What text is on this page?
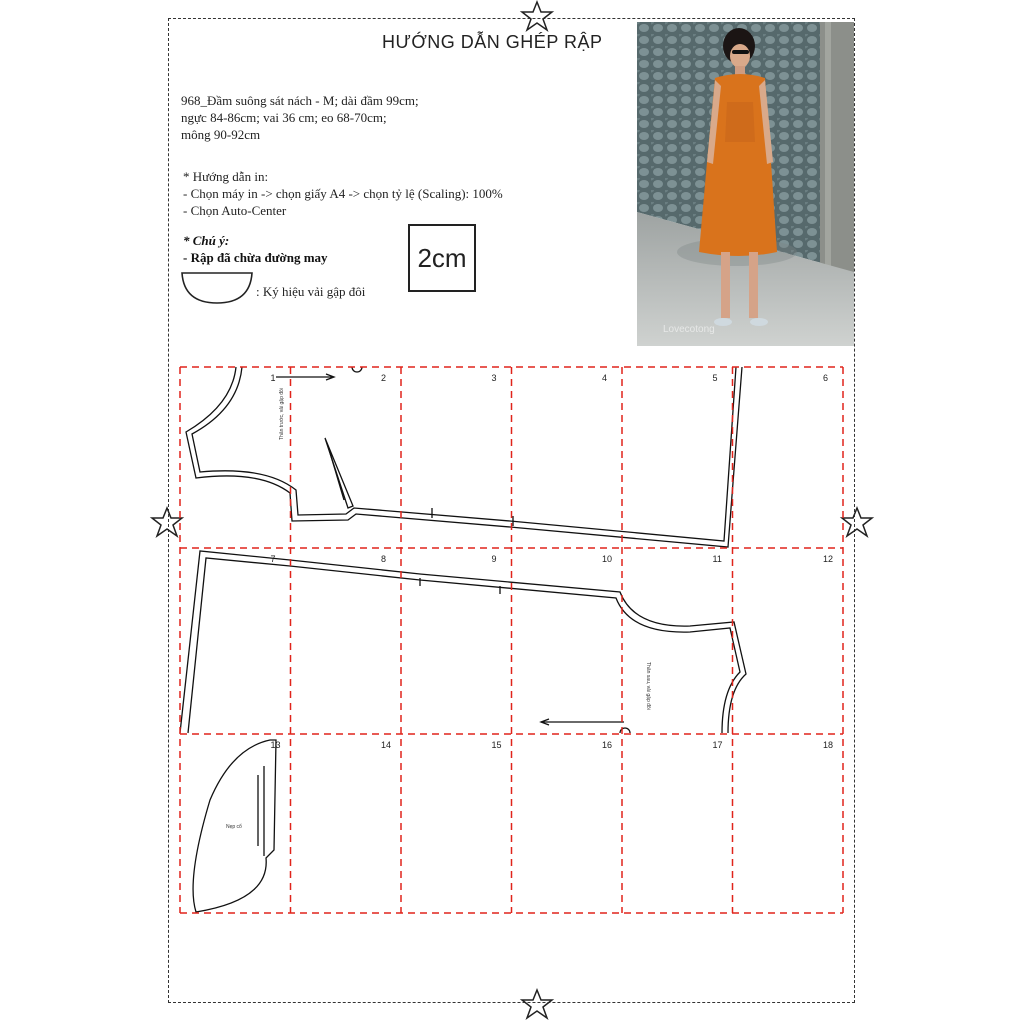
HƯỚNG DẪN GHÉP RẬP
968_Đầm suông sát nách - M; dài đầm 99cm;
ngực 84-86cm; vai 36 cm; eo 68-70cm;
mông 90-92cm
* Hướng dẫn in:
- Chọn máy in -> chọn giấy A4 -> chọn tỷ lệ (Scaling): 100%
- Chọn Auto-Center
* Chú ý:
- Rập đã chừa đường may	2cm
: Ký hiệu vải gập đôi
Lovecotong
Thân trước, vải gập đôi
Thân sau, vải gập đôi
Nẹp cổ
1	2	3	4	5	6
7	8	9	10	11	12
13	14	15	16	17	18
